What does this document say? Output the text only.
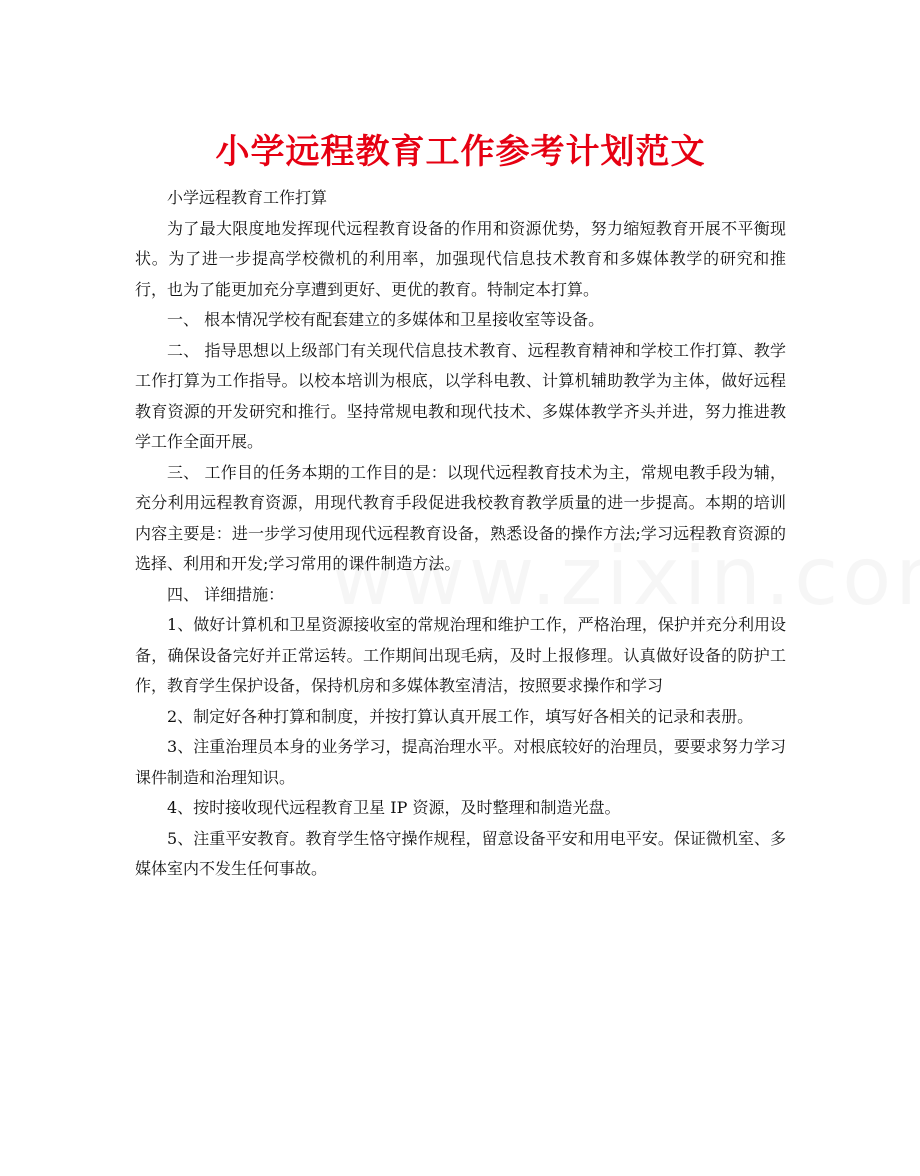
小学远程教育工作参考计划范文

小学远程教育工作打算

为了最大限度地发挥现代远程教育设备的作用和资源优势，努力缩短教育开展不平衡现状。为了进一步提高学校微机的利用率，加强现代信息技术教育和多媒体教学的研究和推行，也为了能更加充分享遭到更好、更优的教育。特制定本打算。

一、 根本情况学校有配套建立的多媒体和卫星接收室等设备。

二、 指导思想以上级部门有关现代信息技术教育、远程教育精神和学校工作打算、教学工作打算为工作指导。以校本培训为根底，以学科电教、计算机辅助教学为主体，做好远程教育资源的开发研究和推行。坚持常规电教和现代技术、多媒体教学齐头并进，努力推进教学工作全面开展。

三、 工作目的任务本期的工作目的是：以现代远程教育技术为主，常规电教手段为辅，充分利用远程教育资源，用现代教育手段促进我校教育教学质量的进一步提高。本期的培训内容主要是：进一步学习使用现代远程教育设备，熟悉设备的操作方法;学习远程教育资源的选择、利用和开发;学习常用的课件制造方法。

四、 详细措施：

1、做好计算机和卫星资源接收室的常规治理和维护工作，严格治理，保护并充分利用设备，确保设备完好并正常运转。工作期间出现毛病，及时上报修理。认真做好设备的防护工作，教育学生保护设备，保持机房和多媒体教室清洁，按照要求操作和学习

2、制定好各种打算和制度，并按打算认真开展工作，填写好各相关的记录和表册。

3、注重治理员本身的业务学习，提高治理水平。对根底较好的治理员，要要求努力学习课件制造和治理知识。

4、按时接收现代远程教育卫星 IP 资源，及时整理和制造光盘。

5、注重平安教育。教育学生恪守操作规程，留意设备平安和用电平安。保证微机室、多媒体室内不发生任何事故。
